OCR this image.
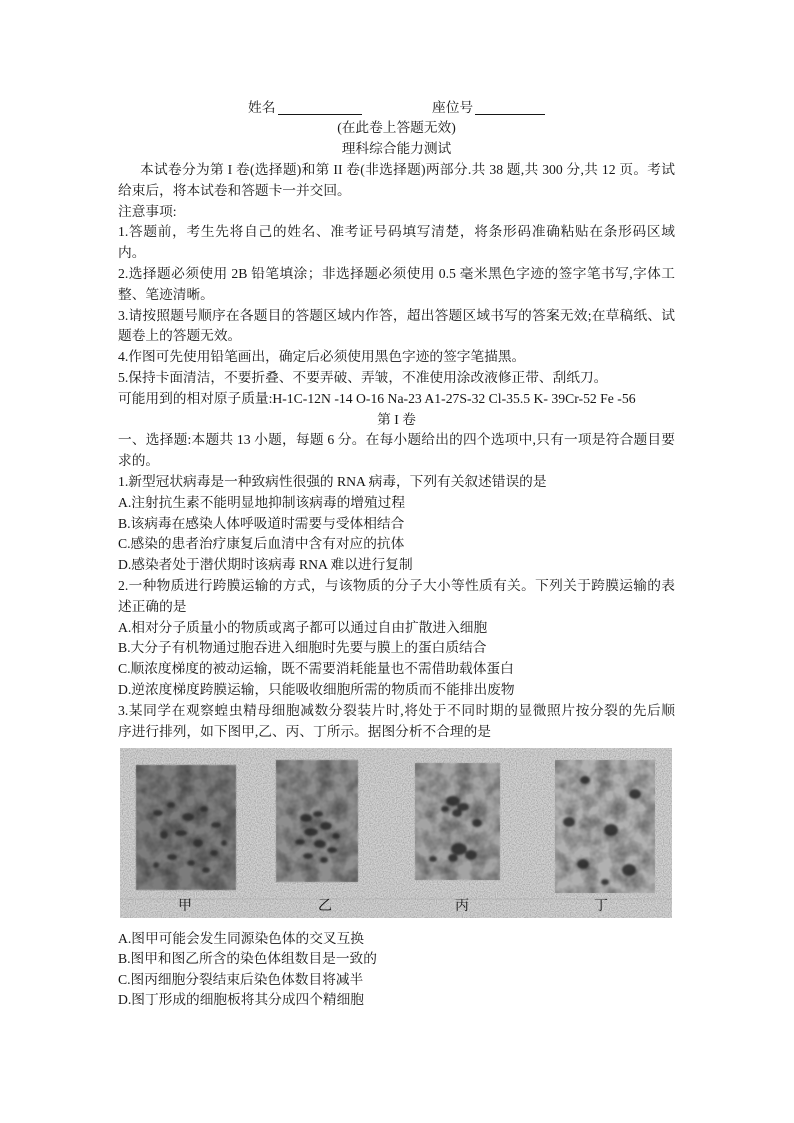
姓名	座位号
(在此卷上答题无效)
理科综合能力测试
本试卷分为第 I 卷(选择题)和第 II 卷(非选择题)两部分.共 38 题,共 300 分,共 12 页。考试
给束后，将本试卷和答题卡一并交回。
注意事项:
1.答题前，考生先将自己的姓名、准考证号码填写清楚，将条形码准确粘贴在条形码区域
内。
2.选择题必须使用 2B 铅笔填涂；非选择题必须使用 0.5 毫米黑色字迹的签字笔书写,字体工
整、笔迹清晰。
3.请按照题号顺序在各题目的答题区域内作答，超出答题区域书写的答案无效;在草稿纸、试
题卷上的答题无效。
4.作图可先使用铅笔画出，确定后必须使用黑色字迹的签字笔描黑。
5.保持卡面清洁，不要折叠、不要弄破、弄皱，不准使用涂改液修正带、刮纸刀。
可能用到的相对原子质量:H-1C-12N -14 O-16 Na-23 A1-27S-32 Cl-35.5 K- 39Cr-52 Fe -56
第 I 卷
一、选择题:本题共 13 小题，每题 6 分。在每小题给出的四个选项中,只有一项是符合题目要
求的。
1.新型冠状病毒是一种致病性很强的 RNA 病毒，下列有关叙述错误的是
A.注射抗生素不能明显地抑制该病毒的增殖过程
B.该病毒在感染人体呼吸道时需要与受体相结合
C.感染的患者治疗康复后血清中含有对应的抗体
D.感染者处于潜伏期时该病毒 RNA 难以进行复制
2.一种物质进行跨膜运输的方式，与该物质的分子大小等性质有关。下列关于跨膜运输的表
述正确的是
A.相对分子质量小的物质或离子都可以通过自由扩散进入细胞
B.大分子有机物通过胞吞进入细胞时先要与膜上的蛋白质结合
C.顺浓度梯度的被动运输，既不需要消耗能量也不需借助载体蛋白
D.逆浓度梯度跨膜运输，只能吸收细胞所需的物质而不能排出废物
3.某同学在观察蝗虫精母细胞减数分裂装片时,将处于不同时期的显微照片按分裂的先后顺
序进行排列，如下图甲,乙、丙、丁所示。据图分析不合理的是
甲	乙	丙	丁
A.图甲可能会发生同源染色体的交叉互换
B.图甲和图乙所含的染色体组数目是一致的
C.图丙细胞分裂结束后染色体数目将减半
D.图丁形成的细胞板将其分成四个精细胞
